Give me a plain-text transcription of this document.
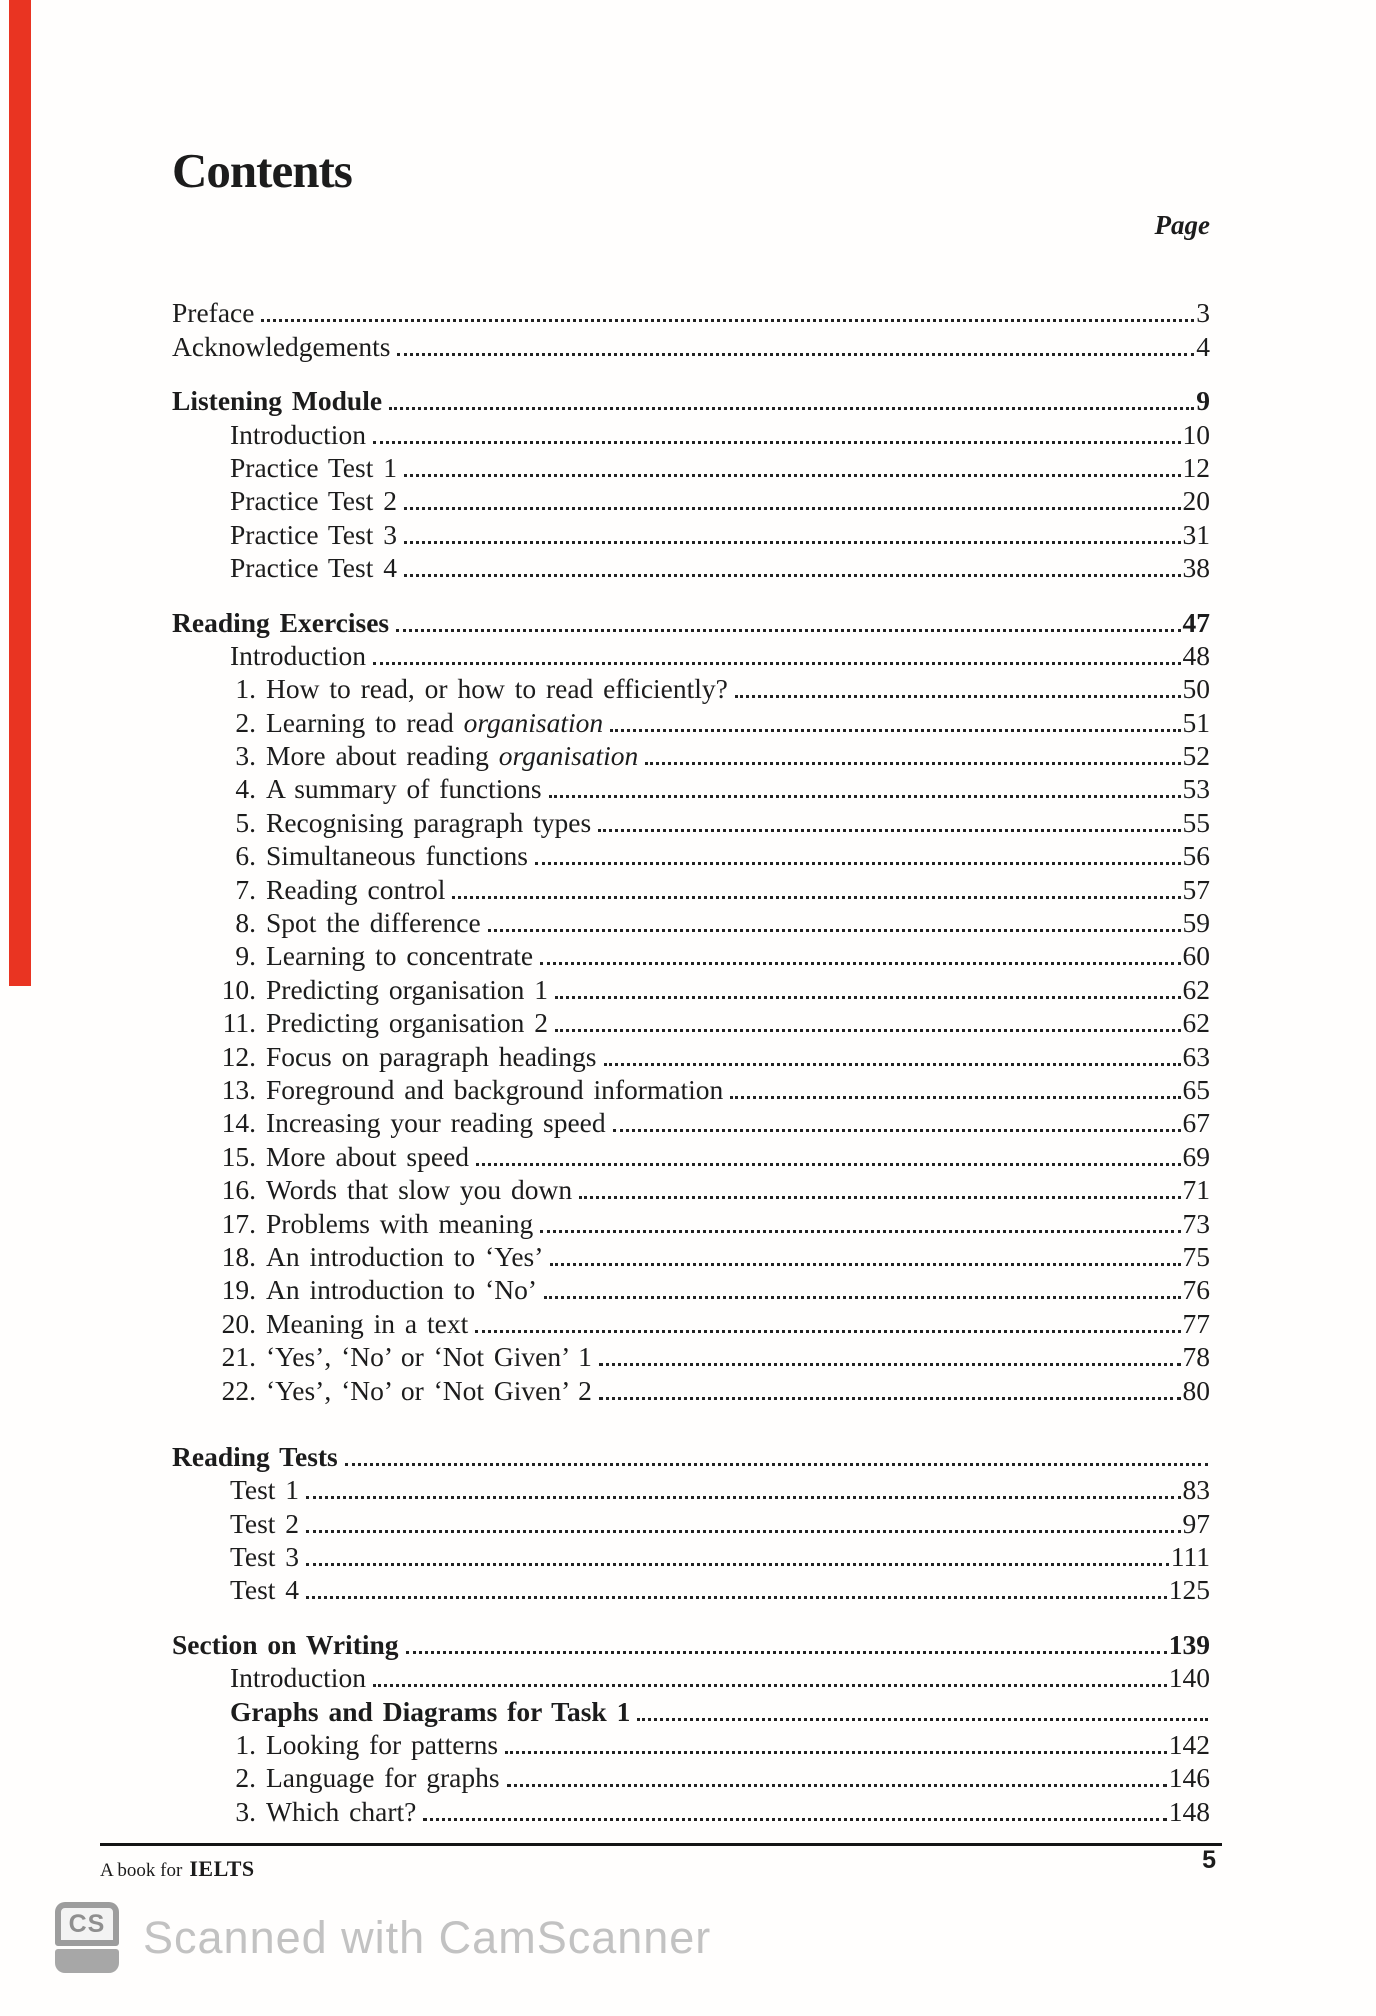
Contents
Page
Preface	3
Acknowledgements	4
Listening Module	9
Introduction	10
Practice Test 1	12
Practice Test 2	20
Practice Test 3	31
Practice Test 4	38
Reading Exercises	47
Introduction	48
1. How to read, or how to read efficiently?	50
2. Learning to read organisation	51
3. More about reading organisation	52
4. A summary of functions	53
5. Recognising paragraph types	55
6. Simultaneous functions	56
7. Reading control	57
8. Spot the difference	59
9. Learning to concentrate	60
10. Predicting organisation 1	62
11. Predicting organisation 2	62
12. Focus on paragraph headings	63
13. Foreground and background information	65
14. Increasing your reading speed	67
15. More about speed	69
16. Words that slow you down	71
17. Problems with meaning	73
18. An introduction to ‘Yes’	75
19. An introduction to ‘No’	76
20. Meaning in a text	77
21. ‘Yes’, ‘No’ or ‘Not Given’ 1	78
22. ‘Yes’, ‘No’ or ‘Not Given’ 2	80
Reading Tests
Test 1	83
Test 2	97
Test 3	111
Test 4	125
Section on Writing	139
Introduction	140
Graphs and Diagrams for Task 1
1. Looking for patterns	142
2. Language for graphs	146
3. Which chart?	148
A book for IELTS	5
CS Scanned with CamScanner
